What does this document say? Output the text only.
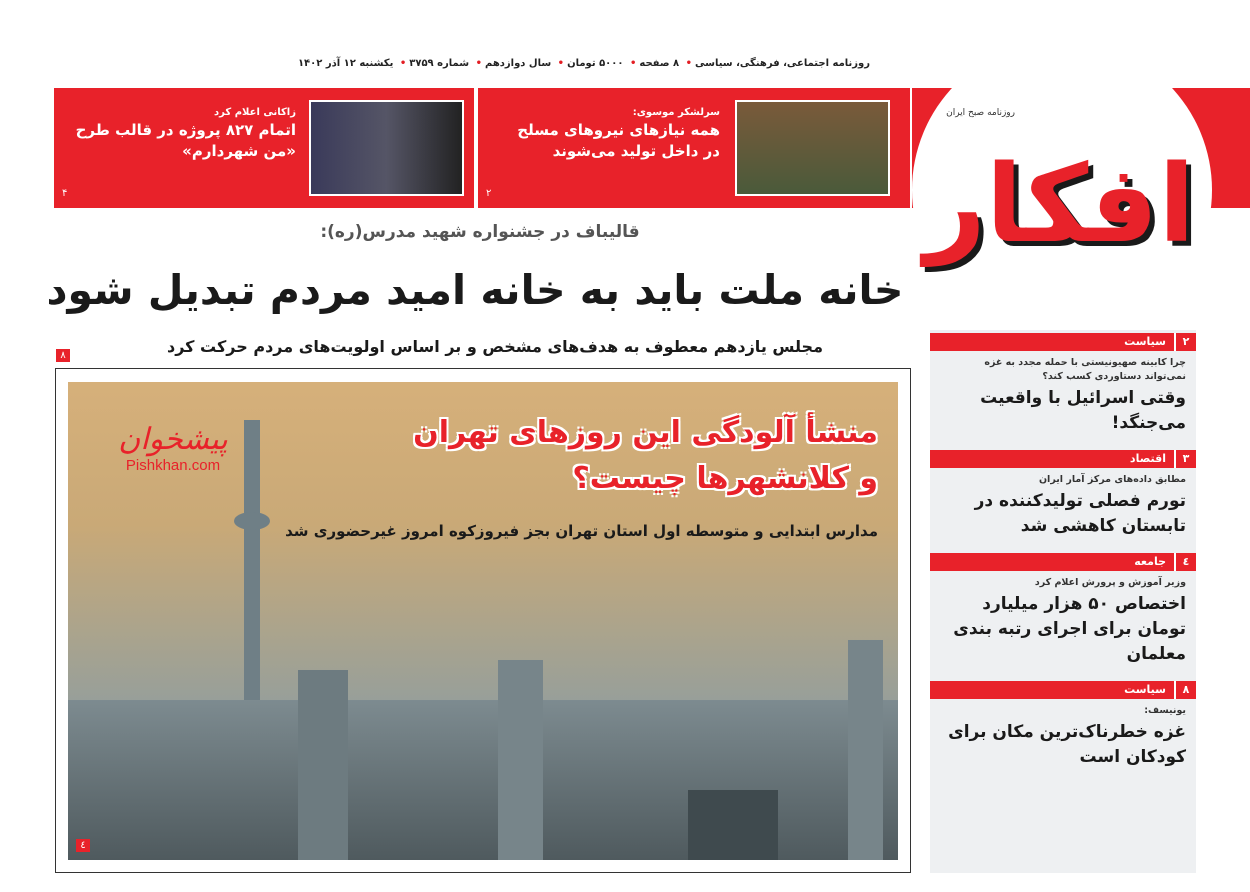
روزنامه اجتماعی، فرهنگی، سیاسی• ۸ صفحه• ۵۰۰۰ تومان• سال دوازدهم• شماره ۳۷۵۹• یکشنبه ۱۲ آذر ۱۴۰۲
سرلشکر موسوی:
همه نیازهای نیروهای مسلح
در داخل تولید می‌شوند
۲
زاکانی اعلام کرد
اتمام ۸۲۷ پروژه در قالب طرح
«من شهردارم»
۴
روزنامه صبح ایران
افکار
قالیباف در جشنواره شهید مدرس(ره):
خانه ملت باید به خانه امید مردم تبدیل شود
مجلس یازدهم معطوف به هدف‌های مشخص و بر اساس اولویت‌های مردم حرکت کرد
۸
منشأ آلودگی این روزهای تهران
و کلانشهرها چیست؟
مدارس ابتدایی و متوسطه اول استان تهران بجز فیروزکوه امروز غیرحضوری شد
پیشخوان
Pishkhan.com
٤
۲
سیاست
چرا کابینه صهیونیستی با حمله مجدد به غزه نمی‌تواند دستاوردی کسب کند؟
وقتی اسرائیل با واقعیت می‌جنگد!
۳
اقتصاد
مطابق داده‌های مرکز آمار ایران
تورم فصلی تولیدکننده در تابستان کاهشی شد
٤
جامعه
وزیر آموزش و پرورش اعلام کرد
اختصاص ۵۰ هزار میلیارد تومان برای اجرای رتبه بندی معلمان
۸
سیاست
یونیسف:
غزه خطرناک‌ترین مکان برای کودکان است
